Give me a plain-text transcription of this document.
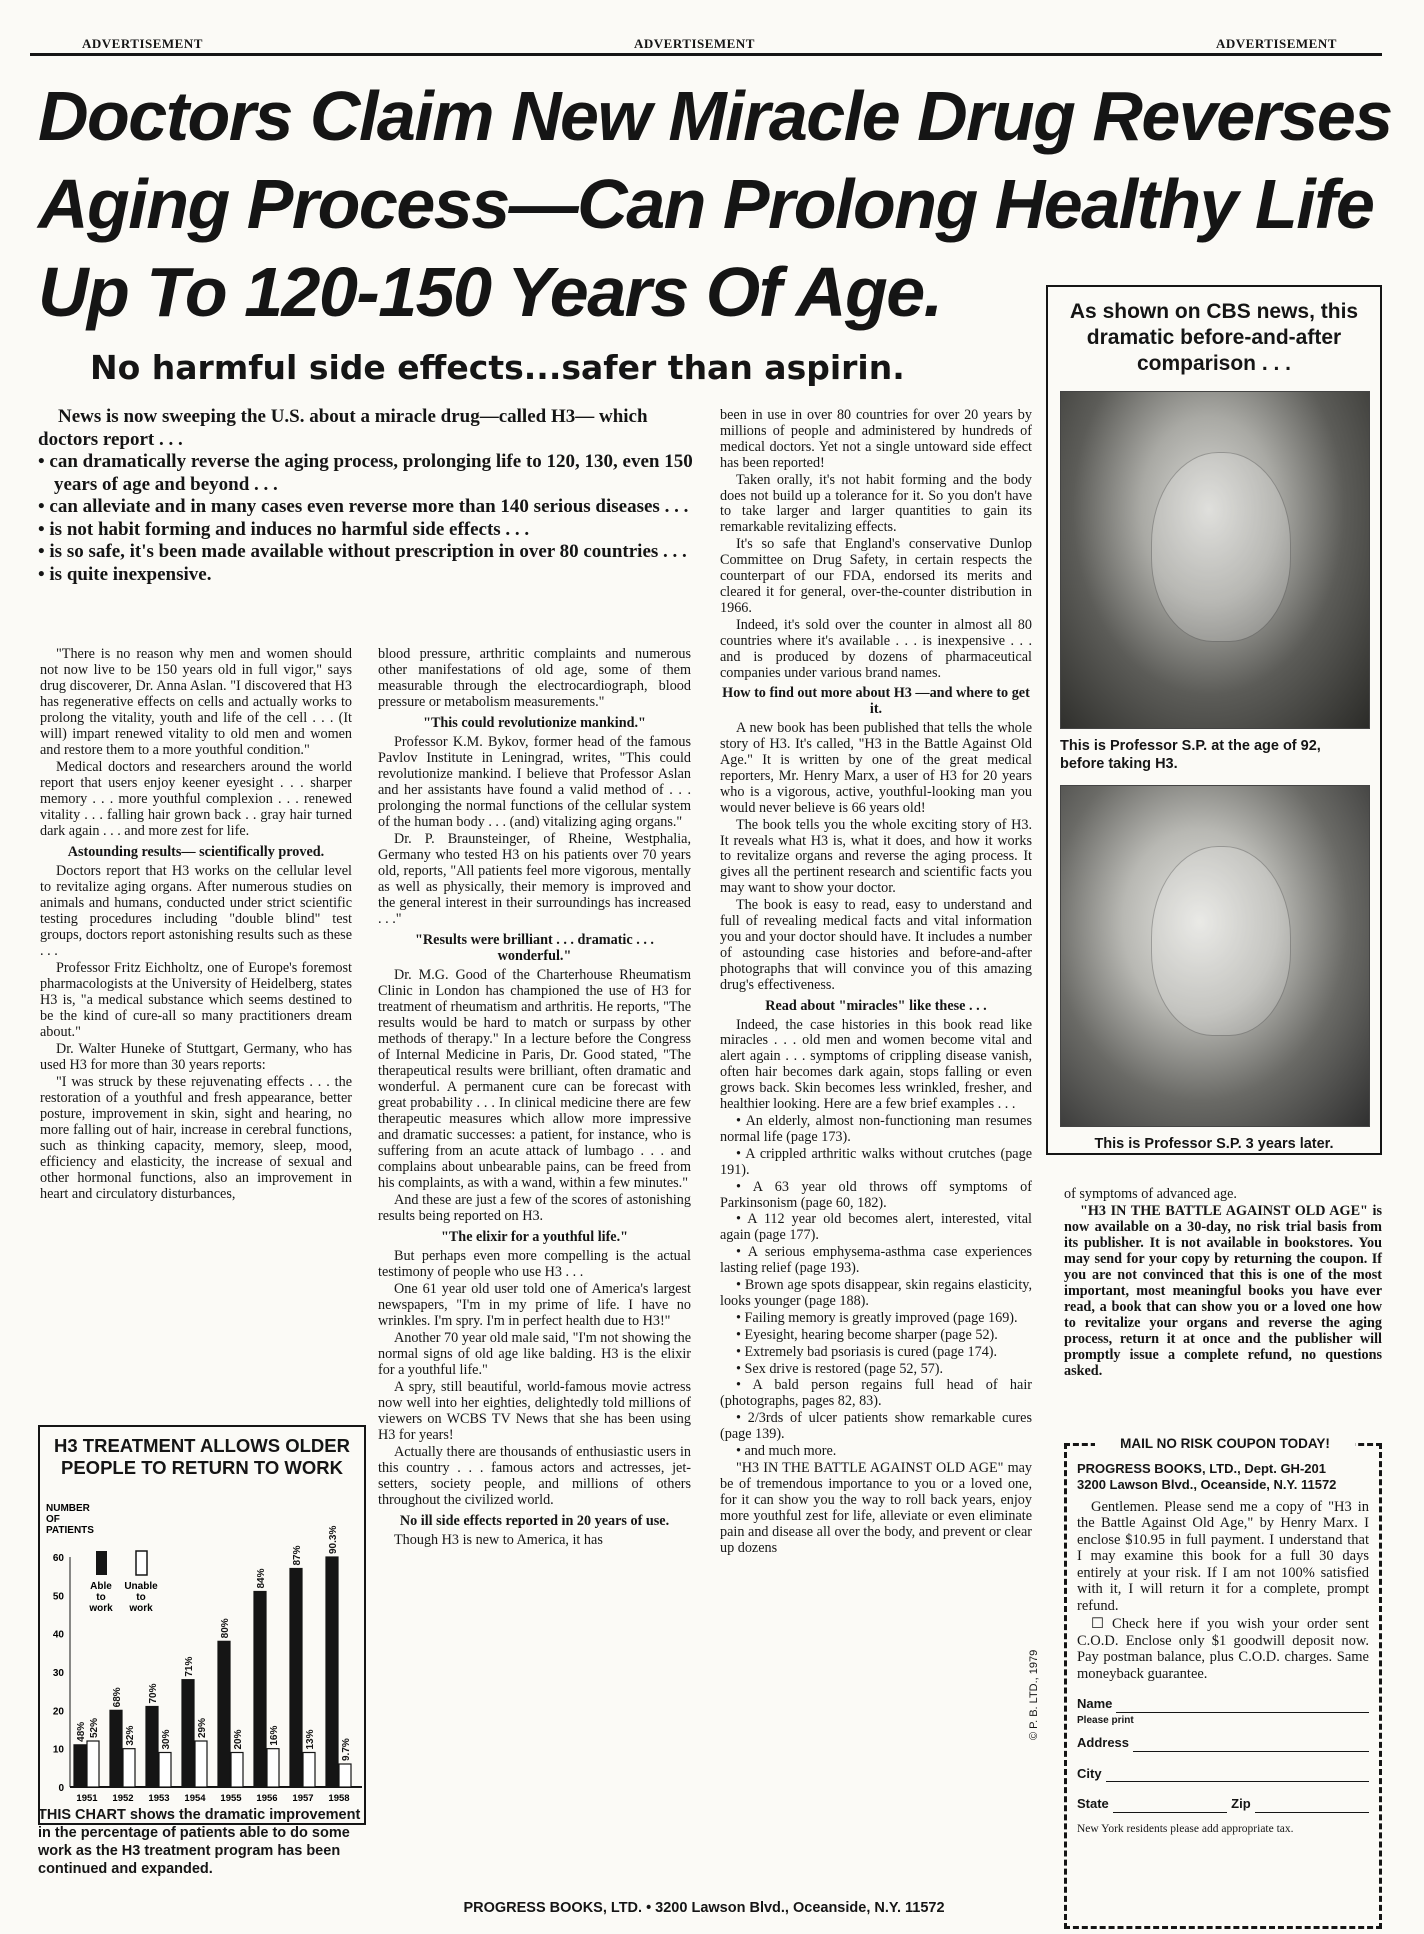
ADVERTISEMENT	ADVERTISEMENT	ADVERTISEMENT
Doctors Claim New Miracle Drug Reverses
Aging Process—Can Prolong Healthy Life
Up To 120-150 Years Of Age.
No harmful side effects...safer than aspirin.
News is now sweeping the U.S. about a miracle drug—called H3— which doctors report . . .
• can dramatically reverse the aging process, prolonging life to 120, 130, even 150 years of age and beyond . . .
• can alleviate and in many cases even reverse more than 140 serious diseases . . .
• is not habit forming and induces no harmful side effects . . .
• is so safe, it's been made available without prescription in over 80 countries . . .
• is quite inexpensive.

"There is no reason why men and women should not now live to be 150 years old in full vigor," says drug discoverer, Dr. Anna Aslan. "I discovered that H3 has regenerative effects on cells and actually works to prolong the vitality, youth and life of the cell . . . (It will) impart renewed vitality to old men and women and restore them to a more youthful condition."

Medical doctors and researchers around the world report that users enjoy keener eyesight . . . sharper memory . . . more youthful complexion . . . renewed vitality . . . falling hair grown back . . gray hair turned dark again . . . and more zest for life.

Astounding results— scientifically proved.

Doctors report that H3 works on the cellular level to revitalize aging organs. After numerous studies on animals and humans, conducted under strict scientific testing procedures including "double blind" test groups, doctors report astonishing results such as these . . .

Professor Fritz Eichholtz, one of Europe's foremost pharmacologists at the University of Heidelberg, states H3 is, "a medical substance which seems destined to be the kind of cure-all so many practitioners dream about."

Dr. Walter Huneke of Stuttgart, Germany, who has used H3 for more than 30 years reports:

"I was struck by these rejuvenating effects . . . the restoration of a youthful and fresh appearance, better posture, improvement in skin, sight and hearing, no more falling out of hair, increase in cerebral functions, such as thinking capacity, memory, sleep, mood, efficiency and elasticity, the increase of sexual and other hormonal functions, also an improvement in heart and circulatory disturbances,

H3 TREATMENT ALLOWS OLDER PEOPLE TO RETURN TO WORK
NUMBER
OF
PATIENTS
0
10
20
30
40
50
60
Able
to
work
Unable
to
work
48% 52%
1951
68%
32%
1952
70%
30%
1953
71%
29%
1954
80%
20%
1955
84%
16%
1956
87%
13%
1957
90.3%
9.7%
1958
THIS CHART shows the dramatic improvement in the percentage of patients able to do some work as the H3 treatment program has been continued and expanded.

blood pressure, arthritic complaints and numerous other manifestations of old age, some of them measurable through the electrocardiograph, blood pressure or metabolism measurements."

"This could revolutionize mankind."

Professor K.M. Bykov, former head of the famous Pavlov Institute in Leningrad, writes, "This could revolutionize mankind. I believe that Professor Aslan and her assistants have found a valid method of . . . prolonging the normal functions of the cellular system of the human body . . . (and) vitalizing aging organs."

Dr. P. Braunsteinger, of Rheine, Westphalia, Germany who tested H3 on his patients over 70 years old, reports, "All patients feel more vigorous, mentally as well as physically, their memory is improved and the general interest in their surroundings has increased . . ."

"Results were brilliant . . . dramatic . . . wonderful."

Dr. M.G. Good of the Charterhouse Rheumatism Clinic in London has championed the use of H3 for treatment of rheumatism and arthritis. He reports, "The results would be hard to match or surpass by other methods of therapy." In a lecture before the Congress of Internal Medicine in Paris, Dr. Good stated, "The therapeutical results were brilliant, often dramatic and wonderful. A permanent cure can be forecast with great probability . . . In clinical medicine there are few therapeutic measures which allow more impressive and dramatic successes: a patient, for instance, who is suffering from an acute attack of lumbago . . . and complains about unbearable pains, can be freed from his complaints, as with a wand, within a few minutes."

And these are just a few of the scores of astonishing results being reported on H3.

"The elixir for a youthful life."

But perhaps even more compelling is the actual testimony of people who use H3 . . .

One 61 year old user told one of America's largest newspapers, "I'm in my prime of life. I have no wrinkles. I'm spry. I'm in perfect health due to H3!"

Another 70 year old male said, "I'm not showing the normal signs of old age like balding. H3 is the elixir for a youthful life."

A spry, still beautiful, world-famous movie actress now well into her eighties, delightedly told millions of viewers on WCBS TV News that she has been using H3 for years!

Actually there are thousands of enthusiastic users in this country . . . famous actors and actresses, jet-setters, society people, and millions of others throughout the civilized world.

No ill side effects reported in 20 years of use.

Though H3 is new to America, it has

been in use in over 80 countries for over 20 years by millions of people and administered by hundreds of medical doctors. Yet not a single untoward side effect has been reported!

Taken orally, it's not habit forming and the body does not build up a tolerance for it. So you don't have to take larger and larger quantities to gain its remarkable revitalizing effects.

It's so safe that England's conservative Dunlop Committee on Drug Safety, in certain respects the counterpart of our FDA, endorsed its merits and cleared it for general, over-the-counter distribution in 1966.

Indeed, it's sold over the counter in almost all 80 countries where it's available . . . is inexpensive . . . and is produced by dozens of pharmaceutical companies under various brand names.

How to find out more about H3 —and where to get it.

A new book has been published that tells the whole story of H3. It's called, "H3 in the Battle Against Old Age." It is written by one of the great medical reporters, Mr. Henry Marx, a user of H3 for 20 years who is a vigorous, active, youthful-looking man you would never believe is 66 years old!

The book tells you the whole exciting story of H3. It reveals what H3 is, what it does, and how it works to revitalize organs and reverse the aging process. It gives all the pertinent research and scientific facts you may want to show your doctor.

The book is easy to read, easy to understand and full of revealing medical facts and vital information you and your doctor should have. It includes a number of astounding case histories and before-and-after photographs that will convince you of this amazing drug's effectiveness.

Read about "miracles" like these . . .

Indeed, the case histories in this book read like miracles . . . old men and women become vital and alert again . . . symptoms of crippling disease vanish, often hair becomes dark again, stops falling or even grows back. Skin becomes less wrinkled, fresher, and healthier looking. Here are a few brief examples . . .

• An elderly, almost non-functioning man resumes normal life (page 173).

• A crippled arthritic walks without crutches (page 191).

• A 63 year old throws off symptoms of Parkinsonism (page 60, 182).

• A 112 year old becomes alert, interested, vital again (page 177).

• A serious emphysema-asthma case experiences lasting relief (page 193).

• Brown age spots disappear, skin regains elasticity, looks younger (page 188).

• Failing memory is greatly improved (page 169).

• Eyesight, hearing become sharper (page 52).

• Extremely bad psoriasis is cured (page 174).

• Sex drive is restored (page 52, 57).

• A bald person regains full head of hair (photographs, pages 82, 83).

• 2/3rds of ulcer patients show remarkable cures (page 139).

• and much more.

"H3 IN THE BATTLE AGAINST OLD AGE" may be of tremendous importance to you or a loved one, for it can show you the way to roll back years, enjoy more youthful zest for life, alleviate or even eliminate pain and disease all over the body, and prevent or clear up dozens

As shown on CBS news, this dramatic before-and-after comparison . . .
This is Professor S.P. at the age of 92, before taking H3.
This is Professor S.P. 3 years later.

of symptoms of advanced age.

"H3 IN THE BATTLE AGAINST OLD AGE" is now available on a 30-day, no risk trial basis from its publisher. It is not available in bookstores. You may send for your copy by returning the coupon. If you are not convinced that this is one of the most important, most meaningful books you have ever read, a book that can show you or a loved one how to revitalize your organs and reverse the aging process, return it at once and the publisher will promptly issue a complete refund, no questions asked.

© P. B. LTD., 1979
MAIL NO RISK COUPON TODAY!
PROGRESS BOOKS, LTD., Dept. GH-201
3200 Lawson Blvd., Oceanside, N.Y. 11572

Gentlemen. Please send me a copy of "H3 in the Battle Against Old Age," by Henry Marx. I enclose $10.95 in full payment. I understand that I may examine this book for a full 30 days entirely at your risk. If I am not 100% satisfied with it, I will return it for a complete, prompt refund.

☐ Check here if you wish your order sent C.O.D. Enclose only $1 goodwill deposit now. Pay postman balance, plus C.O.D. charges. Same moneyback guarantee.

Name
Please print
Address
City
State	Zip
New York residents please add appropriate tax.
PROGRESS BOOKS, LTD. • 3200 Lawson Blvd., Oceanside, N.Y. 11572
